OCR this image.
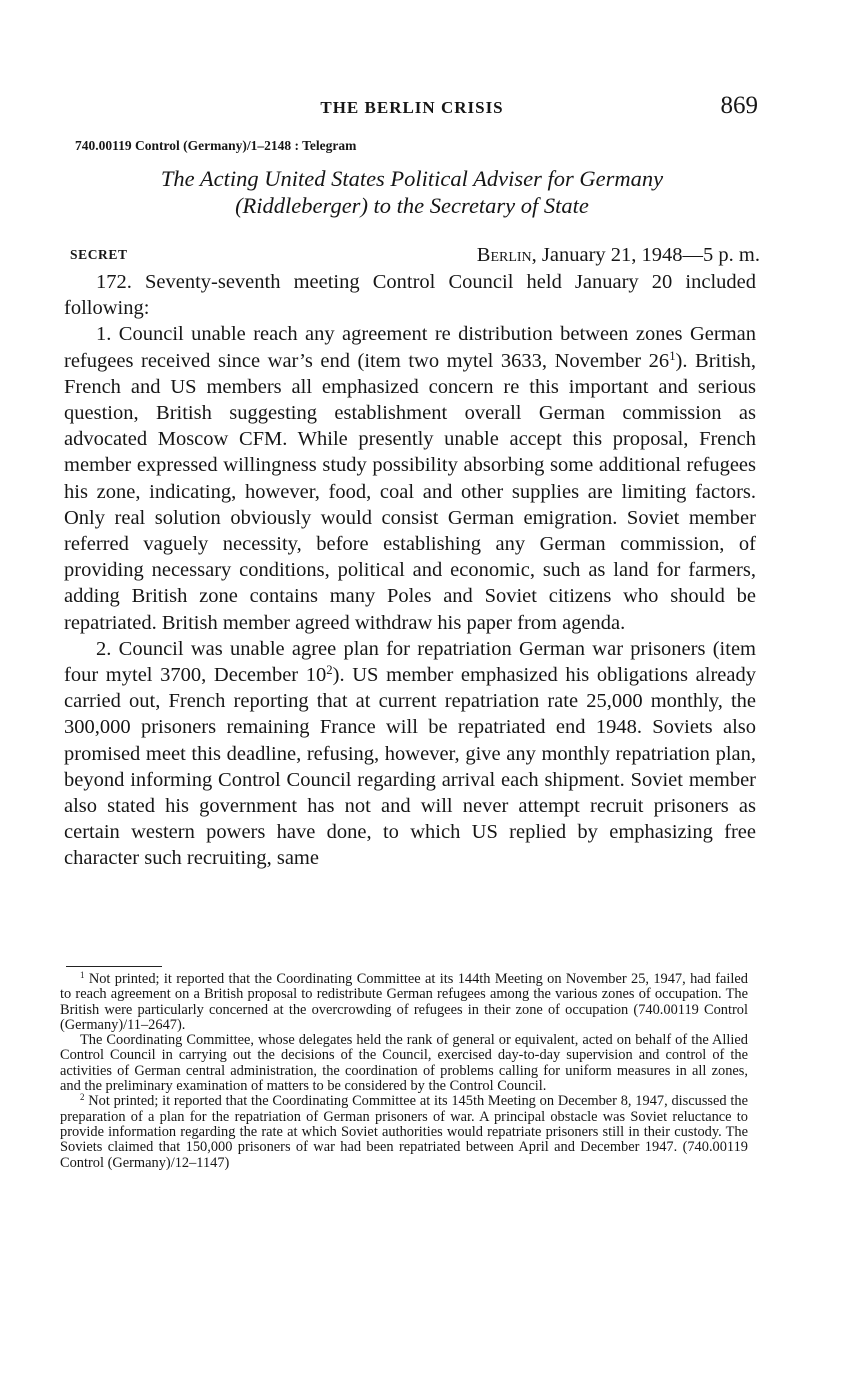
THE BERLIN CRISIS	869
740.00119 Control (Germany)/1–2148 : Telegram
The Acting United States Political Adviser for Germany
(Riddleberger) to the Secretary of State
SECRET	Berlin, January 21, 1948—5 p. m.

172. Seventy-seventh meeting Control Council held January 20 included following:

1. Council unable reach any agreement re distribution between zones German refugees received since war’s end (item two mytel 3633, November $26^1$). British, French and US members all emphasized concern re this important and serious question, British suggesting establishment overall German commission as advocated Moscow CFM. While presently unable accept this proposal, French member expressed willingness study possibility absorbing some additional refugees his zone, indicating, however, food, coal and other supplies are limiting factors. Only real solution obviously would consist German emigration. Soviet member referred vaguely necessity, before establishing any German commission, of providing necessary conditions, political and economic, such as land for farmers, adding British zone contains many Poles and Soviet citizens who should be repatriated. British member agreed withdraw his paper from agenda.

2. Council was unable agree plan for repatriation German war prisoners (item four mytel 3700, December $10^2$). US member emphasized his obligations already carried out, French reporting that at current repatriation rate 25,000 monthly, the 300,000 prisoners remaining France will be repatriated end 1948. Soviets also promised meet this deadline, refusing, however, give any monthly repatriation plan, beyond informing Control Council regarding arrival each shipment. Soviet member also stated his government has not and will never attempt recruit prisoners as certain western powers have done, to which US replied by emphasizing free character such recruiting, same

$^1$ Not printed; it reported that the Coordinating Committee at its 144th Meeting on November 25, 1947, had failed to reach agreement on a British proposal to redistribute German refugees among the various zones of occupation. The British were particularly concerned at the overcrowding of refugees in their zone of occupation (740.00119 Control (Germany)/11–2647).

The Coordinating Committee, whose delegates held the rank of general or equivalent, acted on behalf of the Allied Control Council in carrying out the decisions of the Council, exercised day-to-day supervision and control of the activities of German central administration, the coordination of problems calling for uniform measures in all zones, and the preliminary examination of matters to be considered by the Control Council.

$^2$ Not printed; it reported that the Coordinating Committee at its 145th Meeting on December 8, 1947, discussed the preparation of a plan for the repatriation of German prisoners of war. A principal obstacle was Soviet reluctance to provide information regarding the rate at which Soviet authorities would repatriate prisoners still in their custody. The Soviets claimed that 150,000 prisoners of war had been repatriated between April and December 1947. (740.00119 Control (Germany)/12–1147)
